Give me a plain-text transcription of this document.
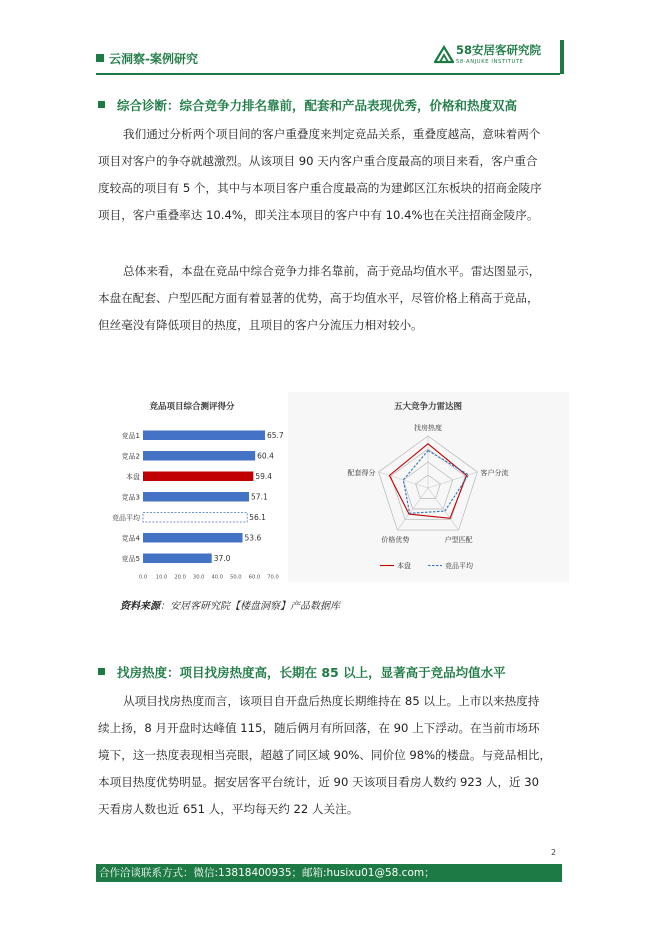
云洞察-案例研究
58安居客研究院
58·ANJUKE INSTITUTE
综合诊断：综合竞争力排名靠前，配套和产品表现优秀，价格和热度双高
我们通过分析两个项目间的客户重叠度来判定竞品关系，重叠度越高，意味着两个
项目对客户的争夺就越激烈。从该项目 90 天内客户重合度最高的项目来看，客户重合
度较高的项目有 5 个，其中与本项目客户重合度最高的为建邺区江东板块的招商金陵序
项目，客户重叠率达 10.4%，即关注本项目的客户中有 10.4%也在关注招商金陵序。
总体来看，本盘在竞品中综合竞争力排名靠前，高于竞品均值水平。雷达图显示，
本盘在配套、户型匹配方面有着显著的优势，高于均值水平，尽管价格上稍高于竞品，
但丝毫没有降低项目的热度，且项目的客户分流压力相对较小。
竞品项目综合测评得分
竞品1	65.7
竞品2	60.4
本盘	59.4
竞品3	57.1
竞品平均	56.1
竞品4	53.6
竞品5	37.0
0.0 10.0 20.0 30.0 40.0 50.0 60.0 70.0
五大竞争力雷达图
找房热度
客户分流
户型匹配
价格优势
配套得分
本盘	竞品平均
资料来源：安居客研究院【楼盘洞察】产品数据库
找房热度：项目找房热度高，长期在 85 以上，显著高于竞品均值水平
从项目找房热度而言，该项目自开盘后热度长期维持在 85 以上。上市以来热度持
续上扬，8 月开盘时达峰值 115，随后俩月有所回落，在 90 上下浮动。在当前市场环
境下，这一热度表现相当亮眼，超越了同区域 90%、同价位 98%的楼盘。与竞品相比，
本项目热度优势明显。据安居客平台统计，近 90 天该项目看房人数约 923 人，近 30
天看房人数也近 651 人，平均每天约 22 人关注。
2
合作洽谈联系方式：微信:13818400935；邮箱:husixu01@58.com；
